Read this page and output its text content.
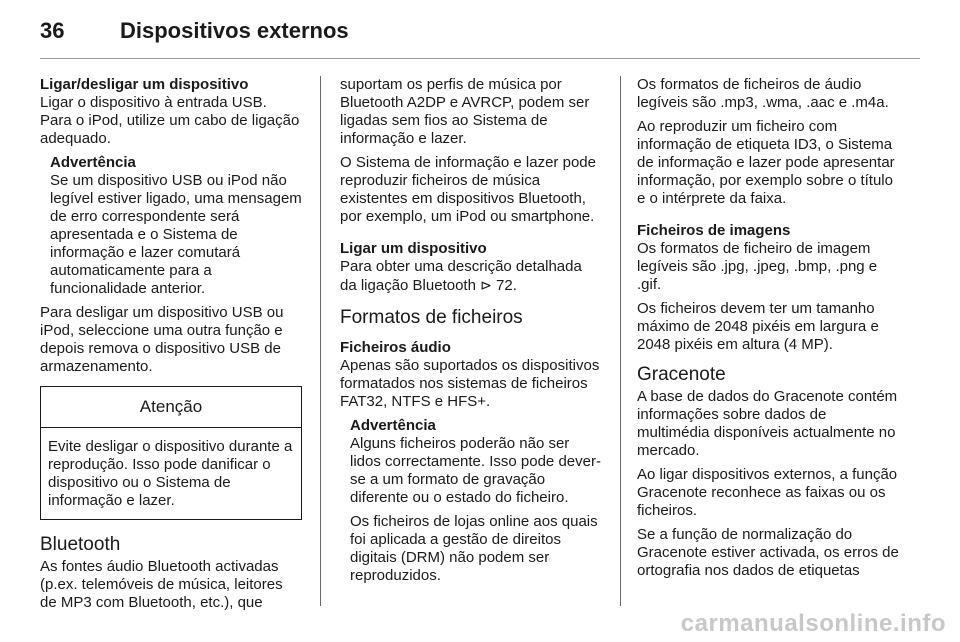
36	Dispositivos externos

Ligar/desligar um dispositivo

Ligar o dispositivo à entrada USB. Para o iPod, utilize um cabo de ligação adequado.

Advertência

Se um dispositivo USB ou iPod não legível estiver ligado, uma mensagem de erro correspondente será apresentada e o Sistema de informação e lazer comutará automaticamente para a funcionalidade anterior.

Para desligar um dispositivo USB ou iPod, seleccione uma outra função e depois remova o dispositivo USB de armazenamento.

Atenção
Evite desligar o dispositivo durante a reprodução. Isso pode danificar o dispositivo ou o Sistema de informação e lazer.

Bluetooth

As fontes áudio Bluetooth activadas (p.ex. telemóveis de música, leitores de MP3 com Bluetooth, etc.), que

suportam os perfis de música por Bluetooth A2DP e AVRCP, podem ser ligadas sem fios ao Sistema de informação e lazer.

O Sistema de informação e lazer pode reproduzir ficheiros de música existentes em dispositivos Bluetooth, por exemplo, um iPod ou smartphone.

Ligar um dispositivo

Para obter uma descrição detalhada da ligação Bluetooth ⊳ 72.

Formatos de ficheiros

Ficheiros áudio

Apenas são suportados os dispositivos formatados nos sistemas de ficheiros FAT32, NTFS e HFS+.

Advertência

Alguns ficheiros poderão não ser lidos correctamente. Isso pode dever-se a um formato de gravação diferente ou o estado do ficheiro.

Os ficheiros de lojas online aos quais foi aplicada a gestão de direitos digitais (DRM) não podem ser reproduzidos.

Os formatos de ficheiros de áudio legíveis são .mp3, .wma, .aac e .m4a.

Ao reproduzir um ficheiro com informação de etiqueta ID3, o Sistema de informação e lazer pode apresentar informação, por exemplo sobre o título e o intérprete da faixa.

Ficheiros de imagens

Os formatos de ficheiro de imagem legíveis são .jpg, .jpeg, .bmp, .png e .gif.

Os ficheiros devem ter um tamanho máximo de 2048 pixéis em largura e 2048 pixéis em altura (4 MP).

Gracenote

A base de dados do Gracenote contém informações sobre dados de multimédia disponíveis actualmente no mercado.

Ao ligar dispositivos externos, a função Gracenote reconhece as faixas ou os ficheiros.

Se a função de normalização do Gracenote estiver activada, os erros de ortografia nos dados de etiquetas

carmanualsonline.info
